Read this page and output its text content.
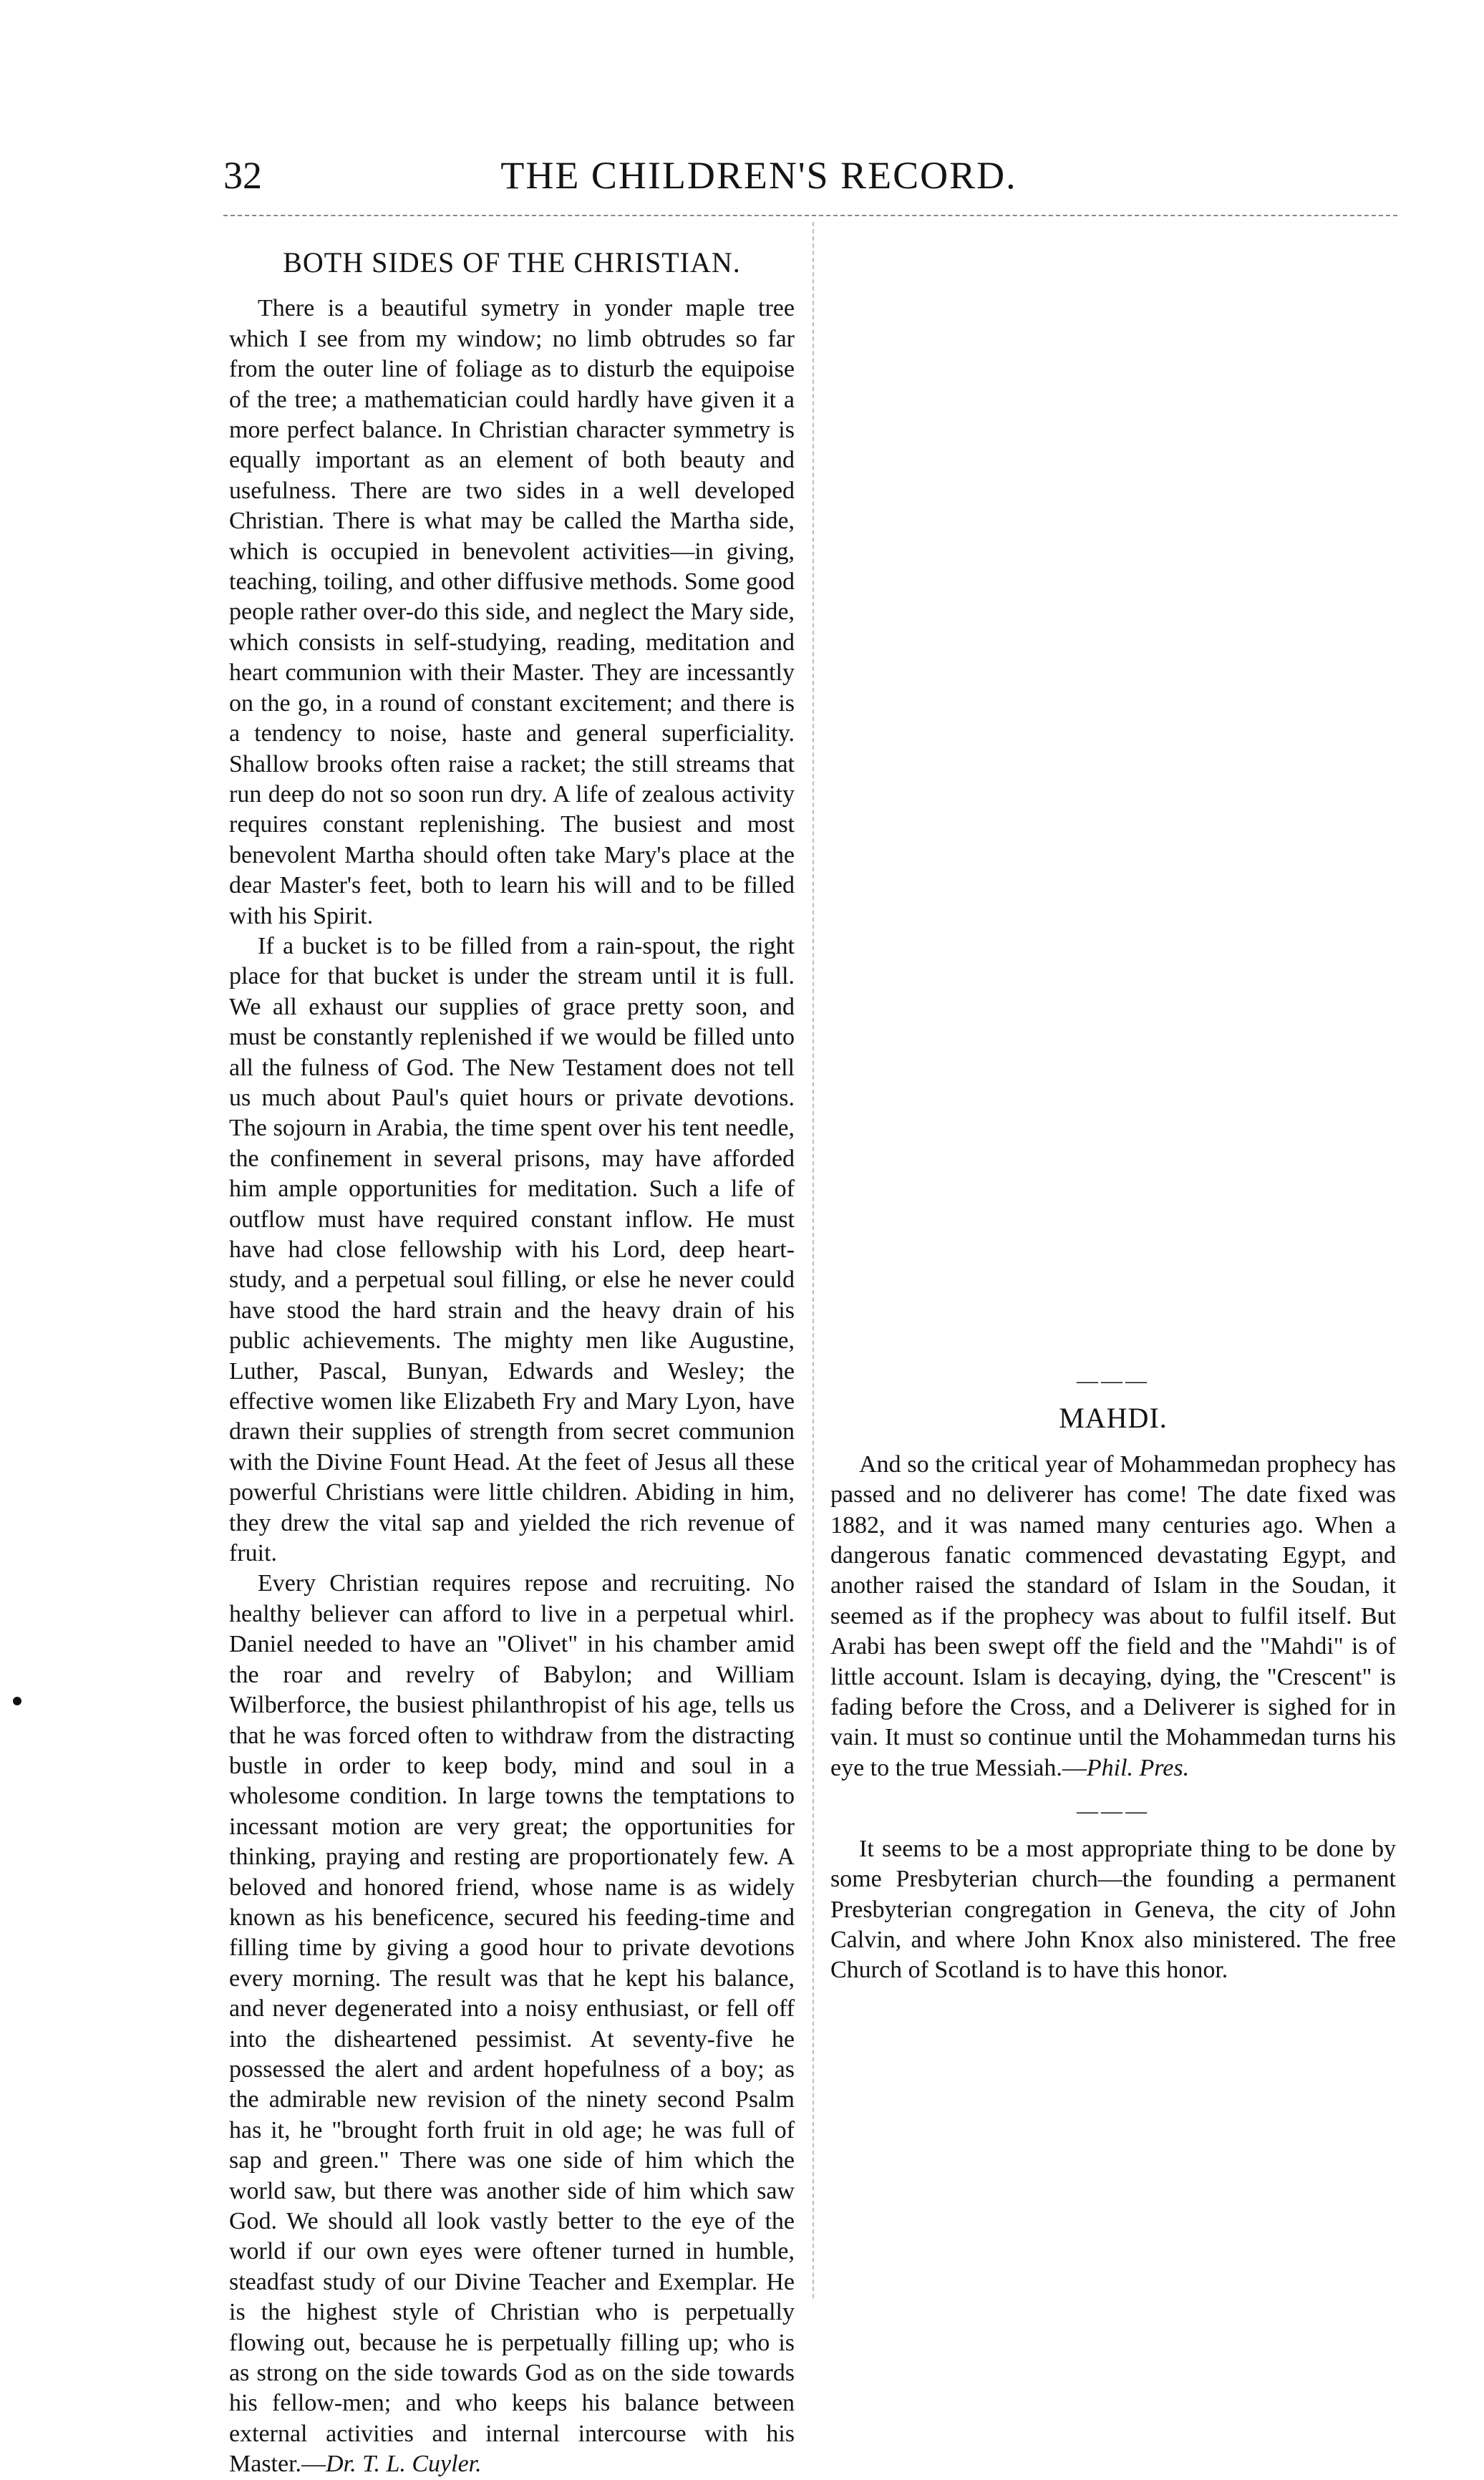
32	THE CHILDREN'S RECORD.
BOTH SIDES OF THE CHRISTIAN.

There is a beautiful symetry in yonder maple tree which I see from my window; no limb obtrudes so far from the outer line of foliage as to disturb the equipoise of the tree; a mathematician could hardly have given it a more perfect balance. In Christian character symmetry is equally important as an element of both beauty and usefulness. There are two sides in a well developed Christian. There is what may be called the Martha side, which is occupied in benevolent activities—in giving, teaching, toiling, and other diffusive methods. Some good people rather over-do this side, and neglect the Mary side, which consists in self-studying, reading, meditation and heart communion with their Master. They are incessantly on the go, in a round of constant excitement; and there is a tendency to noise, haste and general superficiality. Shallow brooks often raise a racket; the still streams that run deep do not so soon run dry. A life of zealous activity requires constant replenishing. The busiest and most benevolent Martha should often take Mary's place at the dear Master's feet, both to learn his will and to be filled with his Spirit.

If a bucket is to be filled from a rain-spout, the right place for that bucket is under the stream until it is full. We all exhaust our supplies of grace pretty soon, and must be constantly replenished if we would be filled unto all the fulness of God. The New Testament does not tell us much about Paul's quiet hours or private devotions. The sojourn in Arabia, the time spent over his tent needle, the confinement in several prisons, may have afforded him ample opportunities for meditation. Such a life of outflow must have required constant inflow. He must have had close fellowship with his Lord, deep heart-study, and a perpetual soul filling, or else he never could have stood the hard strain and the heavy drain of his public achievements. The mighty men like Augustine, Luther, Pascal, Bunyan, Edwards and Wesley; the effective women like Elizabeth Fry and Mary Lyon, have drawn their supplies of strength from secret communion with the Divine Fount Head. At the feet of Jesus all these powerful Christians were little children. Abiding in him, they drew the vital sap and yielded the rich revenue of fruit.

Every Christian requires repose and recruiting. No healthy believer can afford to live in a perpetual whirl. Daniel needed to have an "Olivet" in his chamber amid the roar and revelry of Babylon; and William Wilberforce, the busiest philanthropist of his age, tells us that he was forced often to withdraw from the distracting bustle in order to keep body, mind and soul in a wholesome condition. In large towns the temptations to incessant motion are very great; the opportunities for thinking, praying and resting are proportionately few. A beloved and honored friend, whose name is as widely known as his beneficence, secured his feeding-time and filling time by giving a good hour to private devotions every morning. The result was that he kept his balance, and never degenerated into a noisy enthusiast, or fell off into the disheartened pessimist. At seventy-five he possessed the alert and ardent hopefulness of a boy; as the admirable new revision of the ninety second Psalm has it, he "brought forth fruit in old age; he was full of sap and green." There was one side of him which the world saw, but there was another side of him which saw God. We should all look vastly better to the eye of the world if our own eyes were oftener turned in humble, steadfast study of our Divine Teacher and Exemplar. He is the highest style of Christian who is perpetually flowing out, because he is perpetually filling up; who is as strong on the side towards God as on the side towards his fellow-men; and who keeps his balance between external activities and internal intercourse with his Master.—Dr. T. L. Cuyler.

———
MAHDI.

And so the critical year of Mohammedan prophecy has passed and no deliverer has come! The date fixed was 1882, and it was named many centuries ago. When a dangerous fanatic commenced devastating Egypt, and another raised the standard of Islam in the Soudan, it seemed as if the prophecy was about to fulfil itself. But Arabi has been swept off the field and the "Mahdi" is of little account. Islam is decaying, dying, the "Crescent" is fading before the Cross, and a Deliverer is sighed for in vain. It must so continue until the Mohammedan turns his eye to the true Messiah.—Phil. Pres.

———

It seems to be a most appropriate thing to be done by some Presbyterian church—the founding a permanent Presbyterian congregation in Geneva, the city of John Calvin, and where John Knox also ministered. The free Church of Scotland is to have this honor.
